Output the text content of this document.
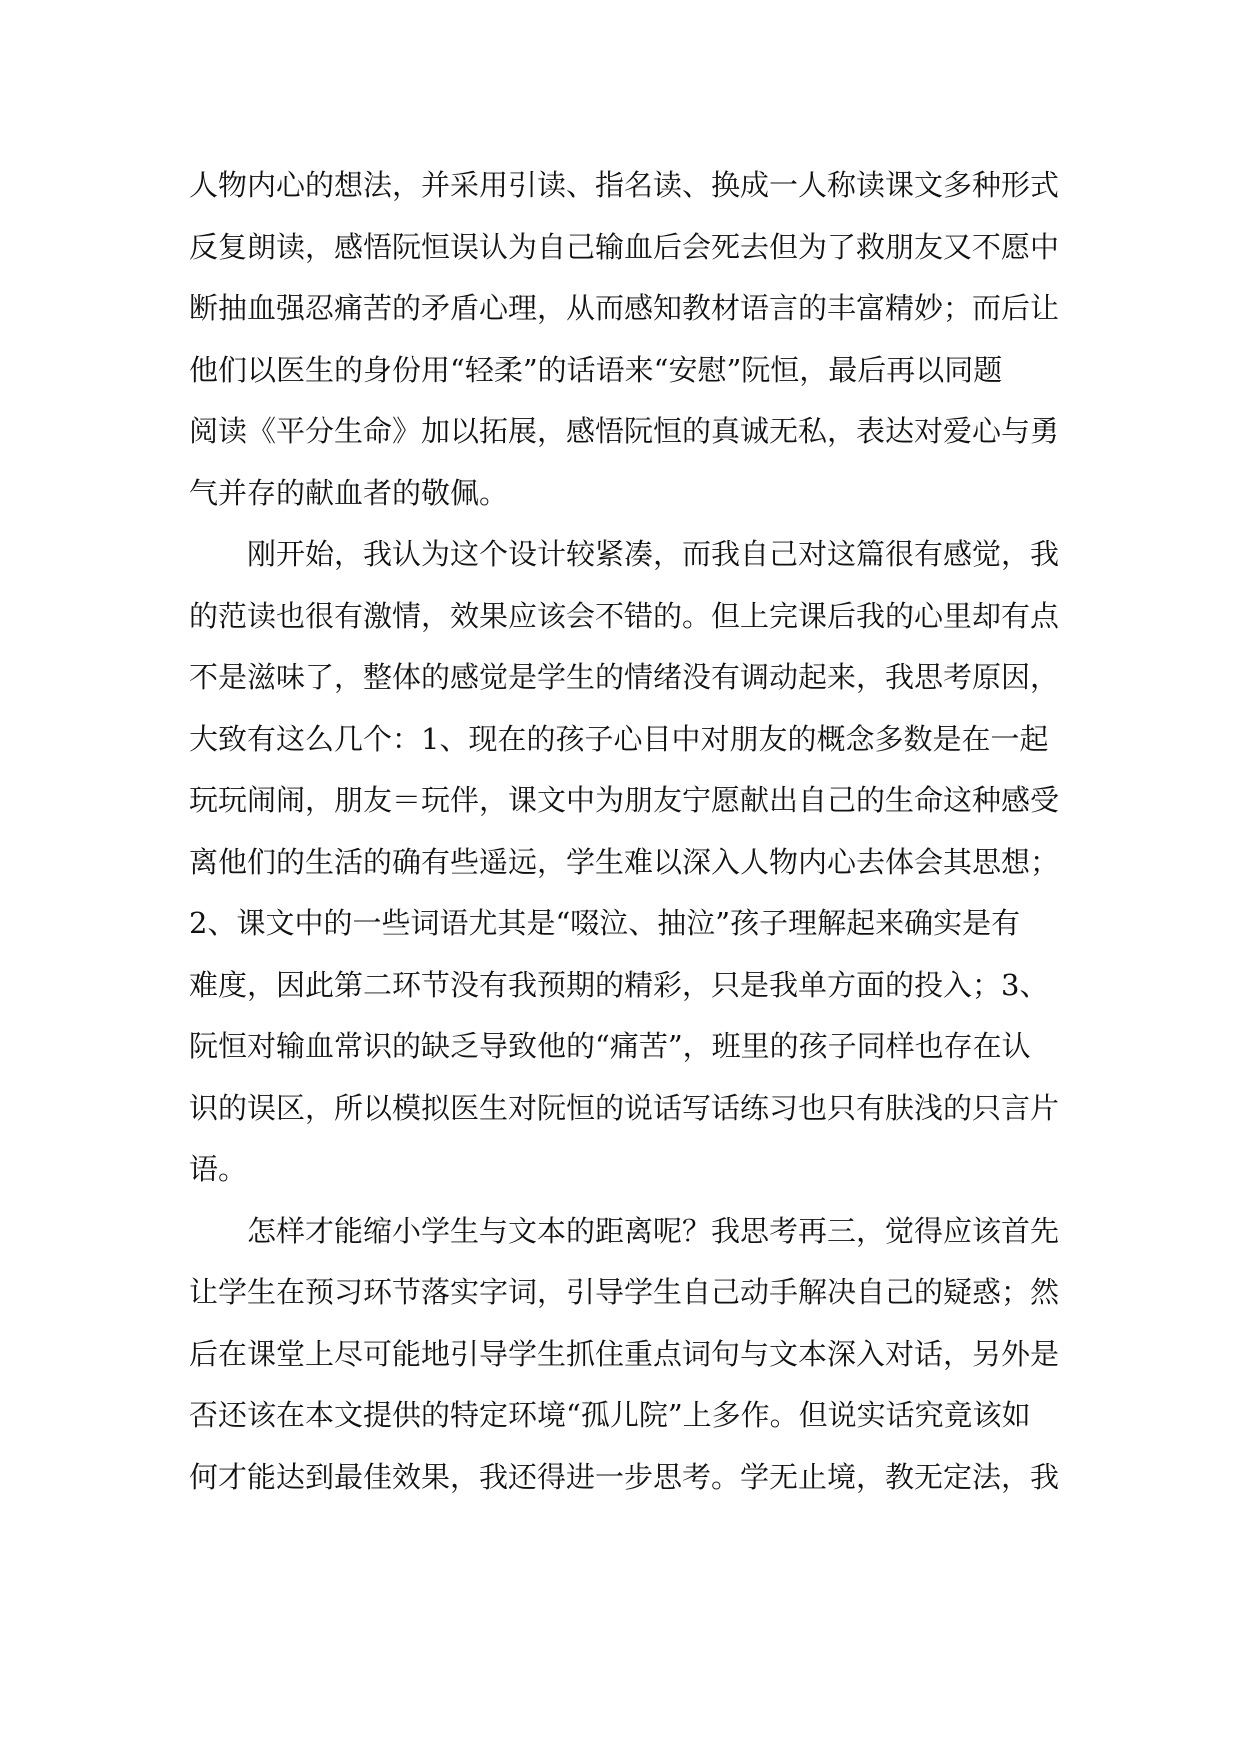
人物内心的想法，并采用引读、指名读、换成一人称读课文多种形式
反复朗读，感悟阮恒误认为自己输血后会死去但为了救朋友又不愿中
断抽血强忍痛苦的矛盾心理，从而感知教材语言的丰富精妙；而后让
他们以医生的身份用“轻柔”的话语来“安慰”阮恒，最后再以同题
阅读《平分生命》加以拓展，感悟阮恒的真诚无私，表达对爱心与勇
气并存的献血者的敬佩。
　　刚开始，我认为这个设计较紧凑，而我自己对这篇很有感觉，我
的范读也很有激情，效果应该会不错的。但上完课后我的心里却有点
不是滋味了，整体的感觉是学生的情绪没有调动起来，我思考原因，
大致有这么几个：1、现在的孩子心目中对朋友的概念多数是在一起
玩玩闹闹，朋友＝玩伴，课文中为朋友宁愿献出自己的生命这种感受
离他们的生活的确有些遥远，学生难以深入人物内心去体会其思想；
2、课文中的一些词语尤其是“啜泣、抽泣”孩子理解起来确实是有
难度，因此第二环节没有我预期的精彩，只是我单方面的投入；3、
阮恒对输血常识的缺乏导致他的“痛苦”，班里的孩子同样也存在认
识的误区，所以模拟医生对阮恒的说话写话练习也只有肤浅的只言片
语。
　　怎样才能缩小学生与文本的距离呢？我思考再三，觉得应该首先
让学生在预习环节落实字词，引导学生自己动手解决自己的疑惑；然
后在课堂上尽可能地引导学生抓住重点词句与文本深入对话，另外是
否还该在本文提供的特定环境“孤儿院”上多作。但说实话究竟该如
何才能达到最佳效果，我还得进一步思考。学无止境，教无定法，我
